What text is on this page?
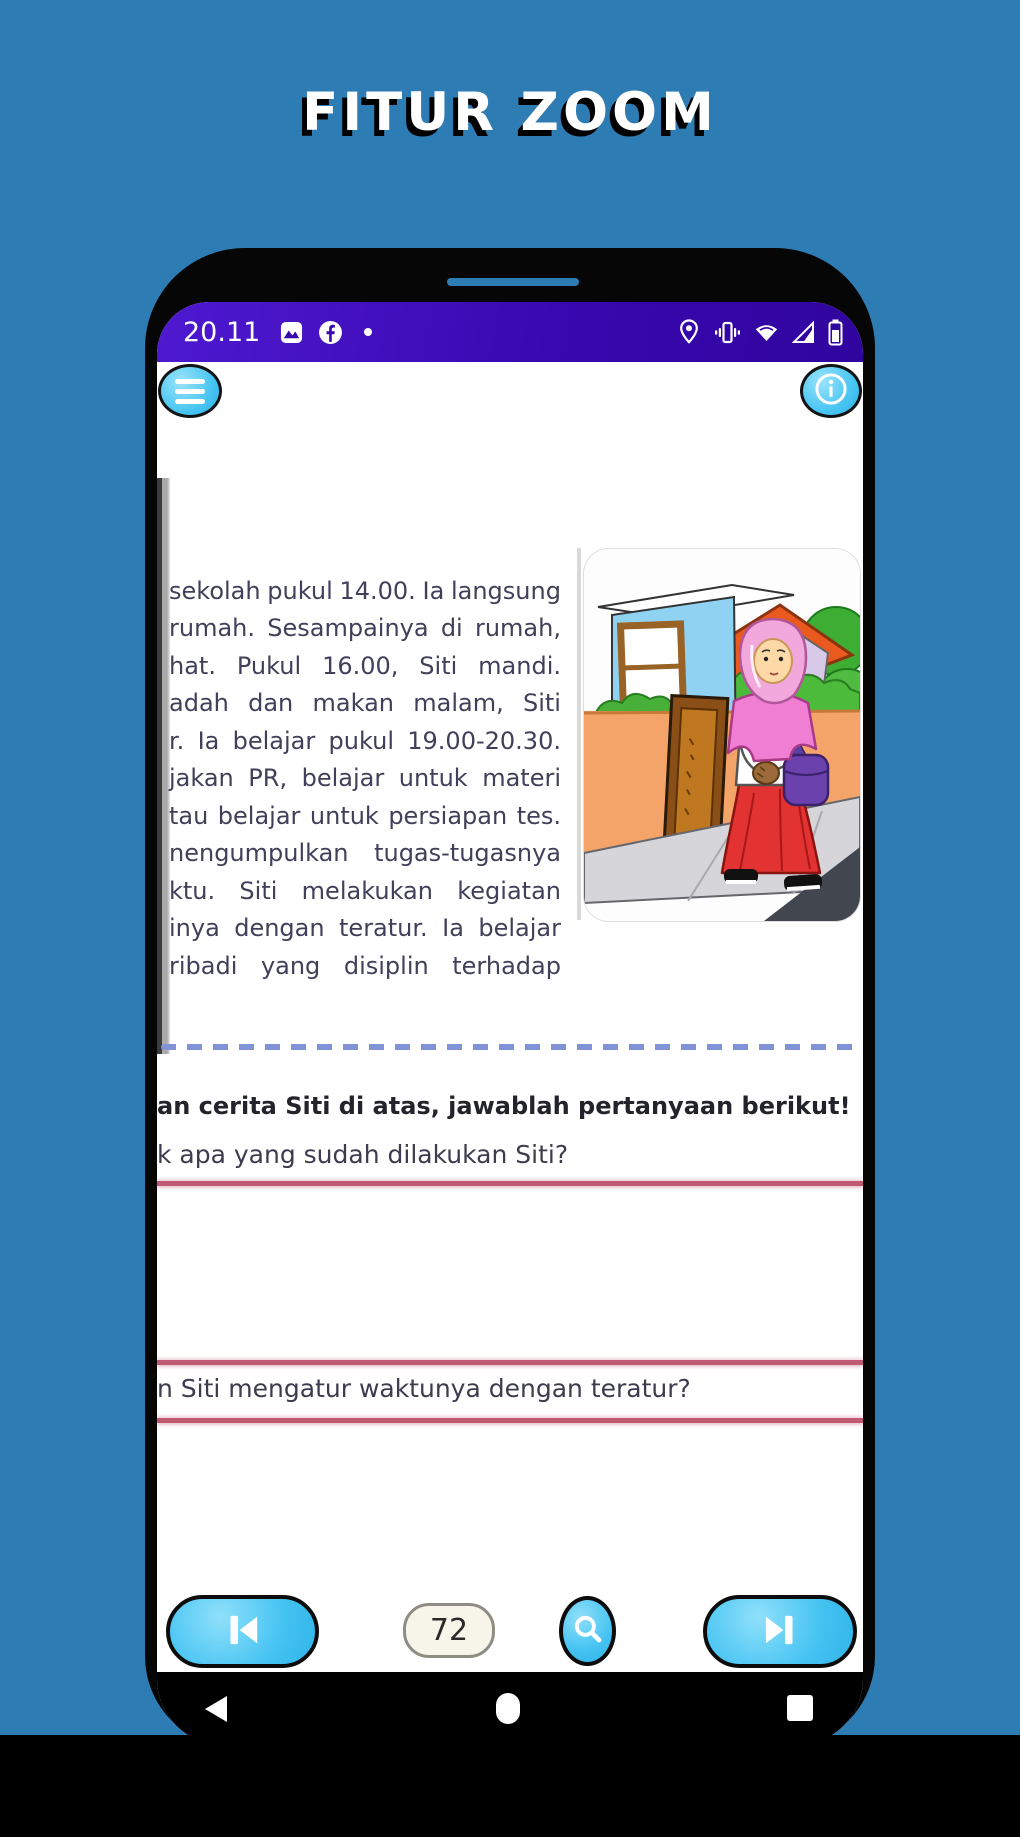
FITUR ZOOM
20.11
sekolah pukul 14.00. Ia langsung
rumah. Sesampainya di rumah,
hat. Pukul 16.00, Siti mandi.
adah dan makan malam, Siti
r. Ia belajar pukul 19.00-20.30.
jakan PR, belajar untuk materi
tau belajar untuk persiapan tes.
nengumpulkan tugas-tugasnya
ktu. Siti melakukan kegiatan
inya dengan teratur. Ia belajar
ribadi yang disiplin terhadap
an cerita Siti di atas, jawablah pertanyaan berikut!
k apa yang sudah dilakukan Siti?
n Siti mengatur waktunya dengan teratur?
72
